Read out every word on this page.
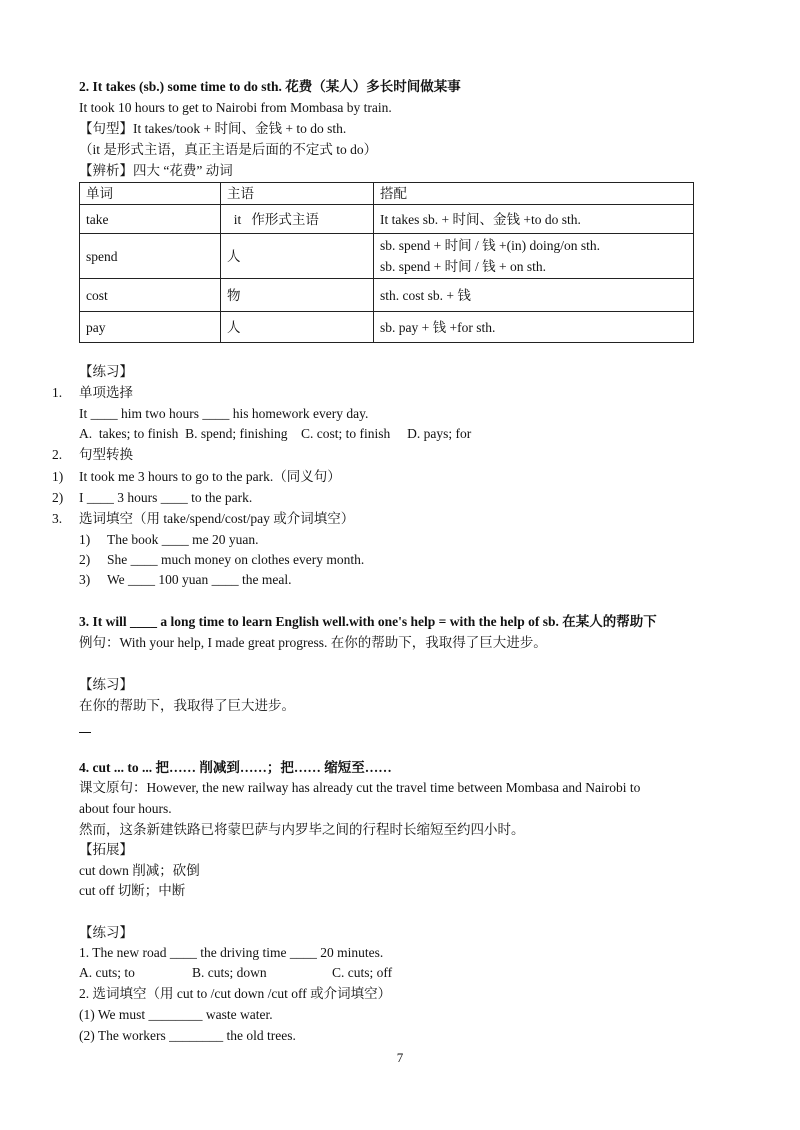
2. It takes (sb.) some time to do sth. 花费（某人）多长时间做某事
It took 10 hours to get to Nairobi from Mombasa by train.
【句型】It takes/took + 时间、金钱 + to do sth.
（it 是形式主语，真正主语是后面的不定式 to do）
【辨析】四大 “花费” 动词
单词	主语	搭配
take	it   作形式主语	It takes sb. + 时间、金钱 +to do sth.
spend	人	sb. spend + 时间 / 钱 +(in) doing/on sth.
sb. spend + 时间 / 钱 + on sth.

cost	物	sth. cost sb. + 钱
pay	人	sb. pay + 钱 +for sth.
【练习】
1. 单项选择
It ____ him two hours ____ his homework every day.
A.  takes; to finish  B. spend; finishing    C. cost; to finish     D. pays; for
2. 句型转换
1) It took me 3 hours to go to the park.（同义句）
2) I ____ 3 hours ____ to the park.
3. 选词填空（用 take/spend/cost/pay 或介词填空）
1) The book ____ me 20 yuan.
2) She ____ much money on clothes every month.
3) We ____ 100 yuan ____ the meal.
3. It will ____ a long time to learn English well.with one's help = with the help of sb. 在某人的帮助下
例句：With your help, I made great progress. 在你的帮助下，我取得了巨大进步。
【练习】
在你的帮助下，我取得了巨大进步。
4. cut ... to ... 把…… 削减到……；把…… 缩短至……
课文原句：However, the new railway has already cut the travel time between Mombasa and Nairobi to
about four hours.
然而，这条新建铁路已将蒙巴萨与内罗毕之间的行程时长缩短至约四小时。
【拓展】
cut down 削减；砍倒
cut off 切断；中断
【练习】
1. The new road ____ the driving time ____ 20 minutes.
A. cuts; to	B. cuts; down	C. cuts; off
2. 选词填空（用 cut to /cut down /cut off 或介词填空）
(1) We must ________ waste water.
(2) The workers ________ the old trees.
7
